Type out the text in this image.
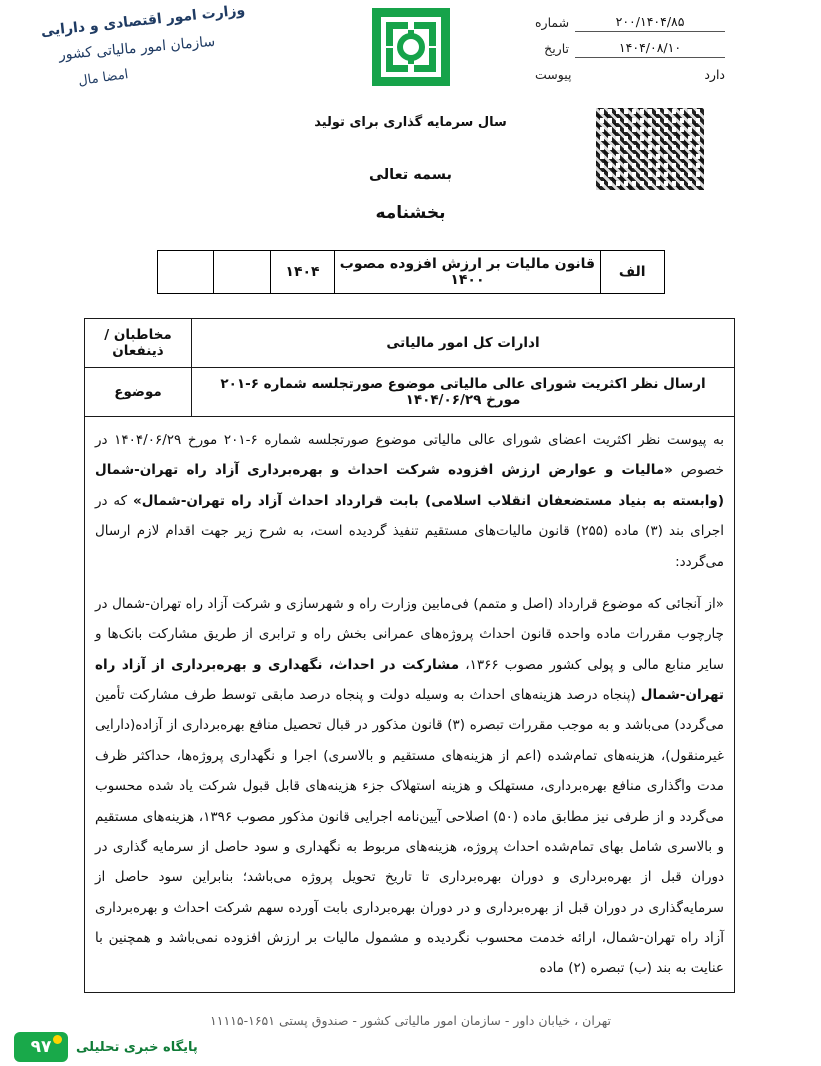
شماره	۲۰۰/۱۴۰۴/۸۵
تاریخ	۱۴۰۴/۰۸/۱۰
پیوست	دارد
وزارت امور اقتصادی و دارایی
سازمان امور مالیاتی کشور
امضا مال
سال سرمایه گذاری برای تولید
بسمه تعالی
بخشنامه
الف	قانون مالیات بر ارزش افزوده مصوب ۱۴۰۰	۱۴۰۴		
ادارات کل امور مالیاتی	مخاطبان / ذینفعان
ارسال نظر اکثریت شورای عالی مالیاتی موضوع صورتجلسه شماره ۶-۲۰۱ مورخ ۱۴۰۴/۰۶/۲۹	موضوع

به پیوست نظر اکثریت اعضای شورای عالی مالیاتی موضوع صورتجلسه شماره ۶-۲۰۱ مورخ ۱۴۰۴/۰۶/۲۹ در خصوص «مالیات و عوارض ارزش افزوده شرکت احداث و بهره‌برداری آزاد راه تهران-شمال (وابسته به بنیاد مستضعفان انقلاب اسلامی) بابت قرارداد احداث آزاد راه تهران-شمال» که در اجرای بند (۳) ماده (۲۵۵) قانون مالیات‌های مستقیم تنفیذ گردیده است، به شرح زیر جهت اقدام لازم ارسال می‌گردد:

«از آنجائی که موضوع قرارداد (اصل و متمم) فی‌مابین وزارت راه و شهرسازی و شرکت آزاد راه تهران-شمال در چارچوب مقررات ماده واحده قانون احداث پروژه‌های عمرانی بخش راه و ترابری از طریق مشارکت بانک‌ها و سایر منابع مالی و پولی کشور مصوب ۱۳۶۶، مشارکت در احداث، نگهداری و بهره‌برداری از آزاد راه تهران-شمال (پنجاه درصد هزینه‌های احداث به وسیله دولت و پنجاه درصد مابقی توسط طرف مشارکت تأمین می‌گردد) می‌باشد و به موجب مقررات تبصره (۳) قانون مذکور در قبال تحصیل منافع بهره‌برداری از آزاده(دارایی غیرمنقول)، هزینه‌های تمام‌شده (اعم از هزینه‌های مستقیم و بالاسری) اجرا و نگهداری پروژه‌ها، حداکثر ظرف مدت واگذاری منافع بهره‌برداری، مستهلک و هزینه استهلاک جزء هزینه‌های قابل قبول شرکت یاد شده محسوب می‌گردد و از طرفی نیز مطابق ماده (۵۰) اصلاحی آیین‌نامه اجرایی قانون مذکور مصوب ۱۳۹۶، هزینه‌های مستقیم و بالاسری شامل بهای تمام‌شده احداث پروژه، هزینه‌های مربوط به نگهداری و سود حاصل از سرمایه گذاری در دوران قبل از بهره‌برداری و دوران بهره‌برداری تا تاریخ تحویل پروژه می‌باشد؛ بنابراین سود حاصل از سرمایه‌گذاری در دوران قبل از بهره‌برداری و در دوران بهره‌برداری بابت آورده سهم شرکت احداث و بهره‌برداری آزاد راه تهران-شمال، ارائه خدمت محسوب نگردیده و مشمول مالیات بر ارزش افزوده نمی‌باشد و همچنین با عنایت به بند (ب) تبصره (۲) ماده	

تهران ، خیابان داور - سازمان امور مالیاتی کشور - صندوق پستی ۱۶۵۱-۱۱۱۱۵
۹۷ پایگاه خبری تحلیلی
